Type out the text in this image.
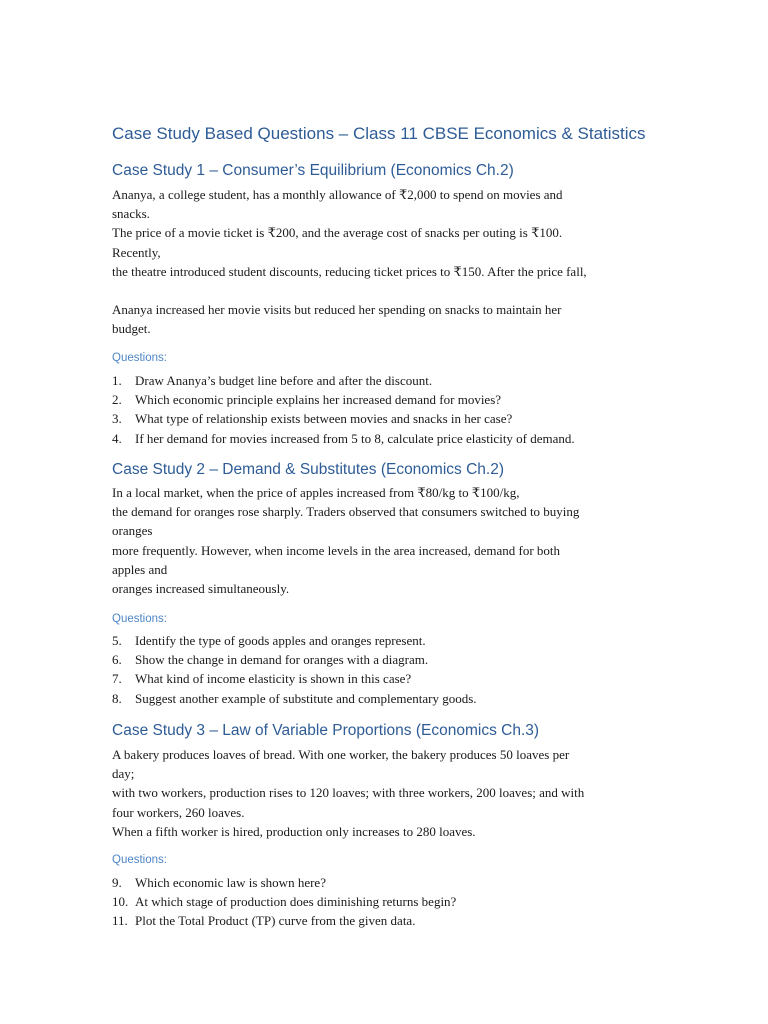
Case Study Based Questions – Class 11 CBSE Economics & Statistics
Case Study 1 – Consumer’s Equilibrium (Economics Ch.2)
Ananya, a college student, has a monthly allowance of ₹2,000 to spend on movies and
snacks.
The price of a movie ticket is ₹200, and the average cost of snacks per outing is ₹100.
Recently,
the theatre introduced student discounts, reducing ticket prices to ₹150. After the price fall,

Ananya increased her movie visits but reduced her spending on snacks to maintain her
budget.
Questions:
1.	Draw Ananya’s budget line before and after the discount.
2.	Which economic principle explains her increased demand for movies?
3.	What type of relationship exists between movies and snacks in her case?
4.	If her demand for movies increased from 5 to 8, calculate price elasticity of demand.
Case Study 2 – Demand & Substitutes (Economics Ch.2)
In a local market, when the price of apples increased from ₹80/kg to ₹100/kg,
the demand for oranges rose sharply. Traders observed that consumers switched to buying
oranges
more frequently. However, when income levels in the area increased, demand for both
apples and
oranges increased simultaneously.
Questions:
5.	Identify the type of goods apples and oranges represent.
6.	Show the change in demand for oranges with a diagram.
7.	What kind of income elasticity is shown in this case?
8.	Suggest another example of substitute and complementary goods.
Case Study 3 – Law of Variable Proportions (Economics Ch.3)
A bakery produces loaves of bread. With one worker, the bakery produces 50 loaves per
day;
with two workers, production rises to 120 loaves; with three workers, 200 loaves; and with
four workers, 260 loaves.
When a fifth worker is hired, production only increases to 280 loaves.
Questions:
9.	Which economic law is shown here?
10. At which stage of production does diminishing returns begin?
11. Plot the Total Product (TP) curve from the given data.
